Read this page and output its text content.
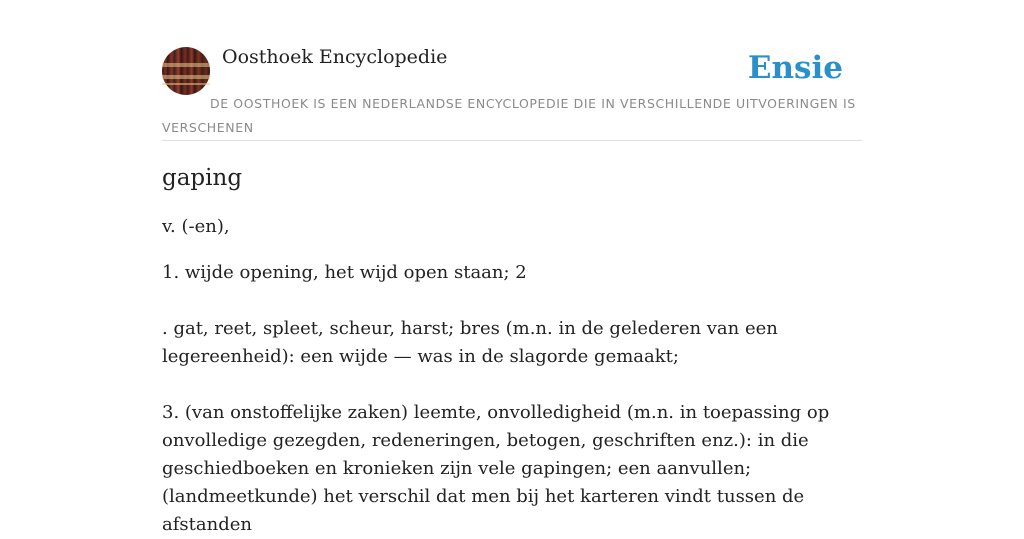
Oosthoek Encyclopedie	Ensie
DE OOSTHOEK IS EEN NEDERLANDSE ENCYCLOPEDIE DIE IN VERSCHILLENDE UITVOERINGEN IS VERSCHENEN
gaping

v. (-en),

1. wijde opening, het wijd open staan; 2

. gat, reet, spleet, scheur, harst; bres (m.n. in de gelederen van een legereenheid): een wijde — was in de slagorde gemaakt;

3. (van onstoffelijke zaken) leemte, onvolledigheid (m.n. in toepassing op onvolledige gezegden, redeneringen, betogen, geschriften enz.): in die geschiedboeken en kronieken zijn vele gapingen; een aanvullen; (landmeetkunde) het verschil dat men bij het karteren vindt tussen de afstanden
